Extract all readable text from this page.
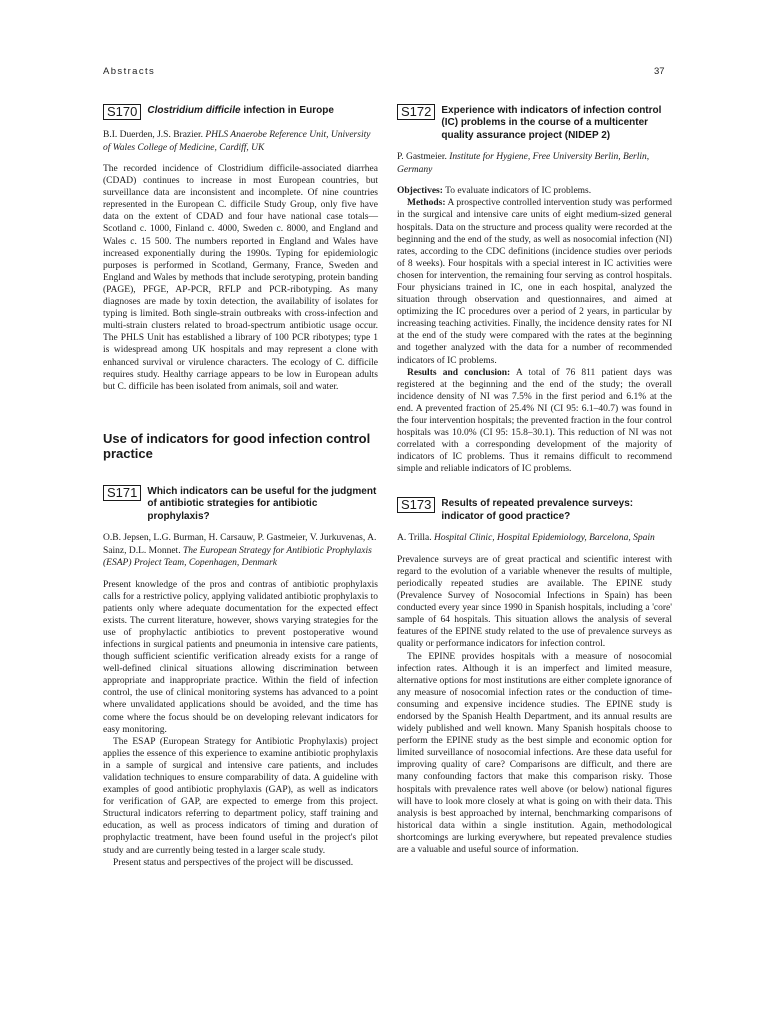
Abstracts	37
S170	Clostridium difficile infection in Europe
B.I. Duerden, J.S. Brazier. PHLS Anaerobe Reference Unit, University of Wales College of Medicine, Cardiff, UK

The recorded incidence of Clostridium difficile-associated diarrhea (CDAD) continues to increase in most European countries, but surveillance data are inconsistent and incomplete. Of nine countries represented in the European C. difficile Study Group, only five have data on the extent of CDAD and four have national case totals—Scotland c. 1000, Finland c. 4000, Sweden c. 8000, and England and Wales c. 15 500. The numbers reported in England and Wales have increased exponentially during the 1990s. Typing for epidemiologic purposes is performed in Scotland, Germany, France, Sweden and England and Wales by methods that include serotyping, protein banding (PAGE), PFGE, AP-PCR, RFLP and PCR-ribotyping. As many diagnoses are made by toxin detection, the availability of isolates for typing is limited. Both single-strain outbreaks with cross-infection and multi-strain clusters related to broad-spectrum antibiotic usage occur. The PHLS Unit has established a library of 100 PCR ribotypes; type 1 is widespread among UK hospitals and may represent a clone with enhanced survival or virulence characters. The ecology of C. difficile requires study. Healthy carriage appears to be low in European adults but C. difficile has been isolated from animals, soil and water.

Use of indicators for good infection control practice
S171	Which indicators can be useful for the judgment of antibiotic strategies for antibiotic prophylaxis?
O.B. Jepsen, L.G. Burman, H. Carsauw, P. Gastmeier, V. Jurkuvenas, A. Sainz, D.L. Monnet. The European Strategy for Antibiotic Prophylaxis (ESAP) Project Team, Copenhagen, Denmark

Present knowledge of the pros and contras of antibiotic prophylaxis calls for a restrictive policy, applying validated antibiotic prophylaxis to patients only where adequate documentation for the expected effect exists. The current literature, however, shows varying strategies for the use of prophylactic antibiotics to prevent postoperative wound infections in surgical patients and pneumonia in intensive care patients, though sufficient scientific verification already exists for a range of well-defined clinical situations allowing discrimination between appropriate and inappropriate practice. Within the field of infection control, the use of clinical monitoring systems has advanced to a point where unvalidated applications should be avoided, and the time has come where the focus should be on developing relevant indicators for easy monitoring.

The ESAP (European Strategy for Antibiotic Prophylaxis) project applies the essence of this experience to examine antibiotic prophylaxis in a sample of surgical and intensive care patients, and includes validation techniques to ensure comparability of data. A guideline with examples of good antibiotic prophylaxis (GAP), as well as indicators for verification of GAP, are expected to emerge from this project. Structural indicators referring to department policy, staff training and education, as well as process indicators of timing and duration of prophylactic treatment, have been found useful in the project's pilot study and are currently being tested in a larger scale study.

Present status and perspectives of the project will be discussed.

S172	Experience with indicators of infection control (IC) problems in the course of a multicenter quality assurance project (NIDEP 2)
P. Gastmeier. Institute for Hygiene, Free University Berlin, Berlin, Germany

Objectives: To evaluate indicators of IC problems.

Methods: A prospective controlled intervention study was performed in the surgical and intensive care units of eight medium-sized general hospitals. Data on the structure and process quality were recorded at the beginning and the end of the study, as well as nosocomial infection (NI) rates, according to the CDC definitions (incidence studies over periods of 8 weeks). Four hospitals with a special interest in IC activities were chosen for intervention, the remaining four serving as control hospitals. Four physicians trained in IC, one in each hospital, analyzed the situation through observation and questionnaires, and aimed at optimizing the IC procedures over a period of 2 years, in particular by increasing teaching activities. Finally, the incidence density rates for NI at the end of the study were compared with the rates at the beginning and together analyzed with the data for a number of recommended indicators of IC problems.

Results and conclusion: A total of 76 811 patient days was registered at the beginning and the end of the study; the overall incidence density of NI was 7.5% in the first period and 6.1% at the end. A prevented fraction of 25.4% NI (CI 95: 6.1–40.7) was found in the four intervention hospitals; the prevented fraction in the four control hospitals was 10.0% (CI 95: 15.8–30.1). This reduction of NI was not correlated with a corresponding development of the majority of indicators of IC problems. Thus it remains difficult to recommend simple and reliable indicators of IC problems.

S173	Results of repeated prevalence surveys: indicator of good practice?
A. Trilla. Hospital Clinic, Hospital Epidemiology, Barcelona, Spain

Prevalence surveys are of great practical and scientific interest with regard to the evolution of a variable whenever the results of multiple, periodically repeated studies are available. The EPINE study (Prevalence Survey of Nosocomial Infections in Spain) has been conducted every year since 1990 in Spanish hospitals, including a 'core' sample of 64 hospitals. This situation allows the analysis of several features of the EPINE study related to the use of prevalence surveys as quality or performance indicators for infection control.

The EPINE provides hospitals with a measure of nosocomial infection rates. Although it is an imperfect and limited measure, alternative options for most institutions are either complete ignorance of any measure of nosocomial infection rates or the conduction of time-consuming and expensive incidence studies. The EPINE study is endorsed by the Spanish Health Department, and its annual results are widely published and well known. Many Spanish hospitals choose to perform the EPINE study as the best simple and economic option for limited surveillance of nosocomial infections. Are these data useful for improving quality of care? Comparisons are difficult, and there are many confounding factors that make this comparison risky. Those hospitals with prevalence rates well above (or below) national figures will have to look more closely at what is going on with their data. This analysis is best approached by internal, benchmarking comparisons of historical data within a single institution. Again, methodological shortcomings are lurking everywhere, but repeated prevalence studies are a valuable and useful source of information.
